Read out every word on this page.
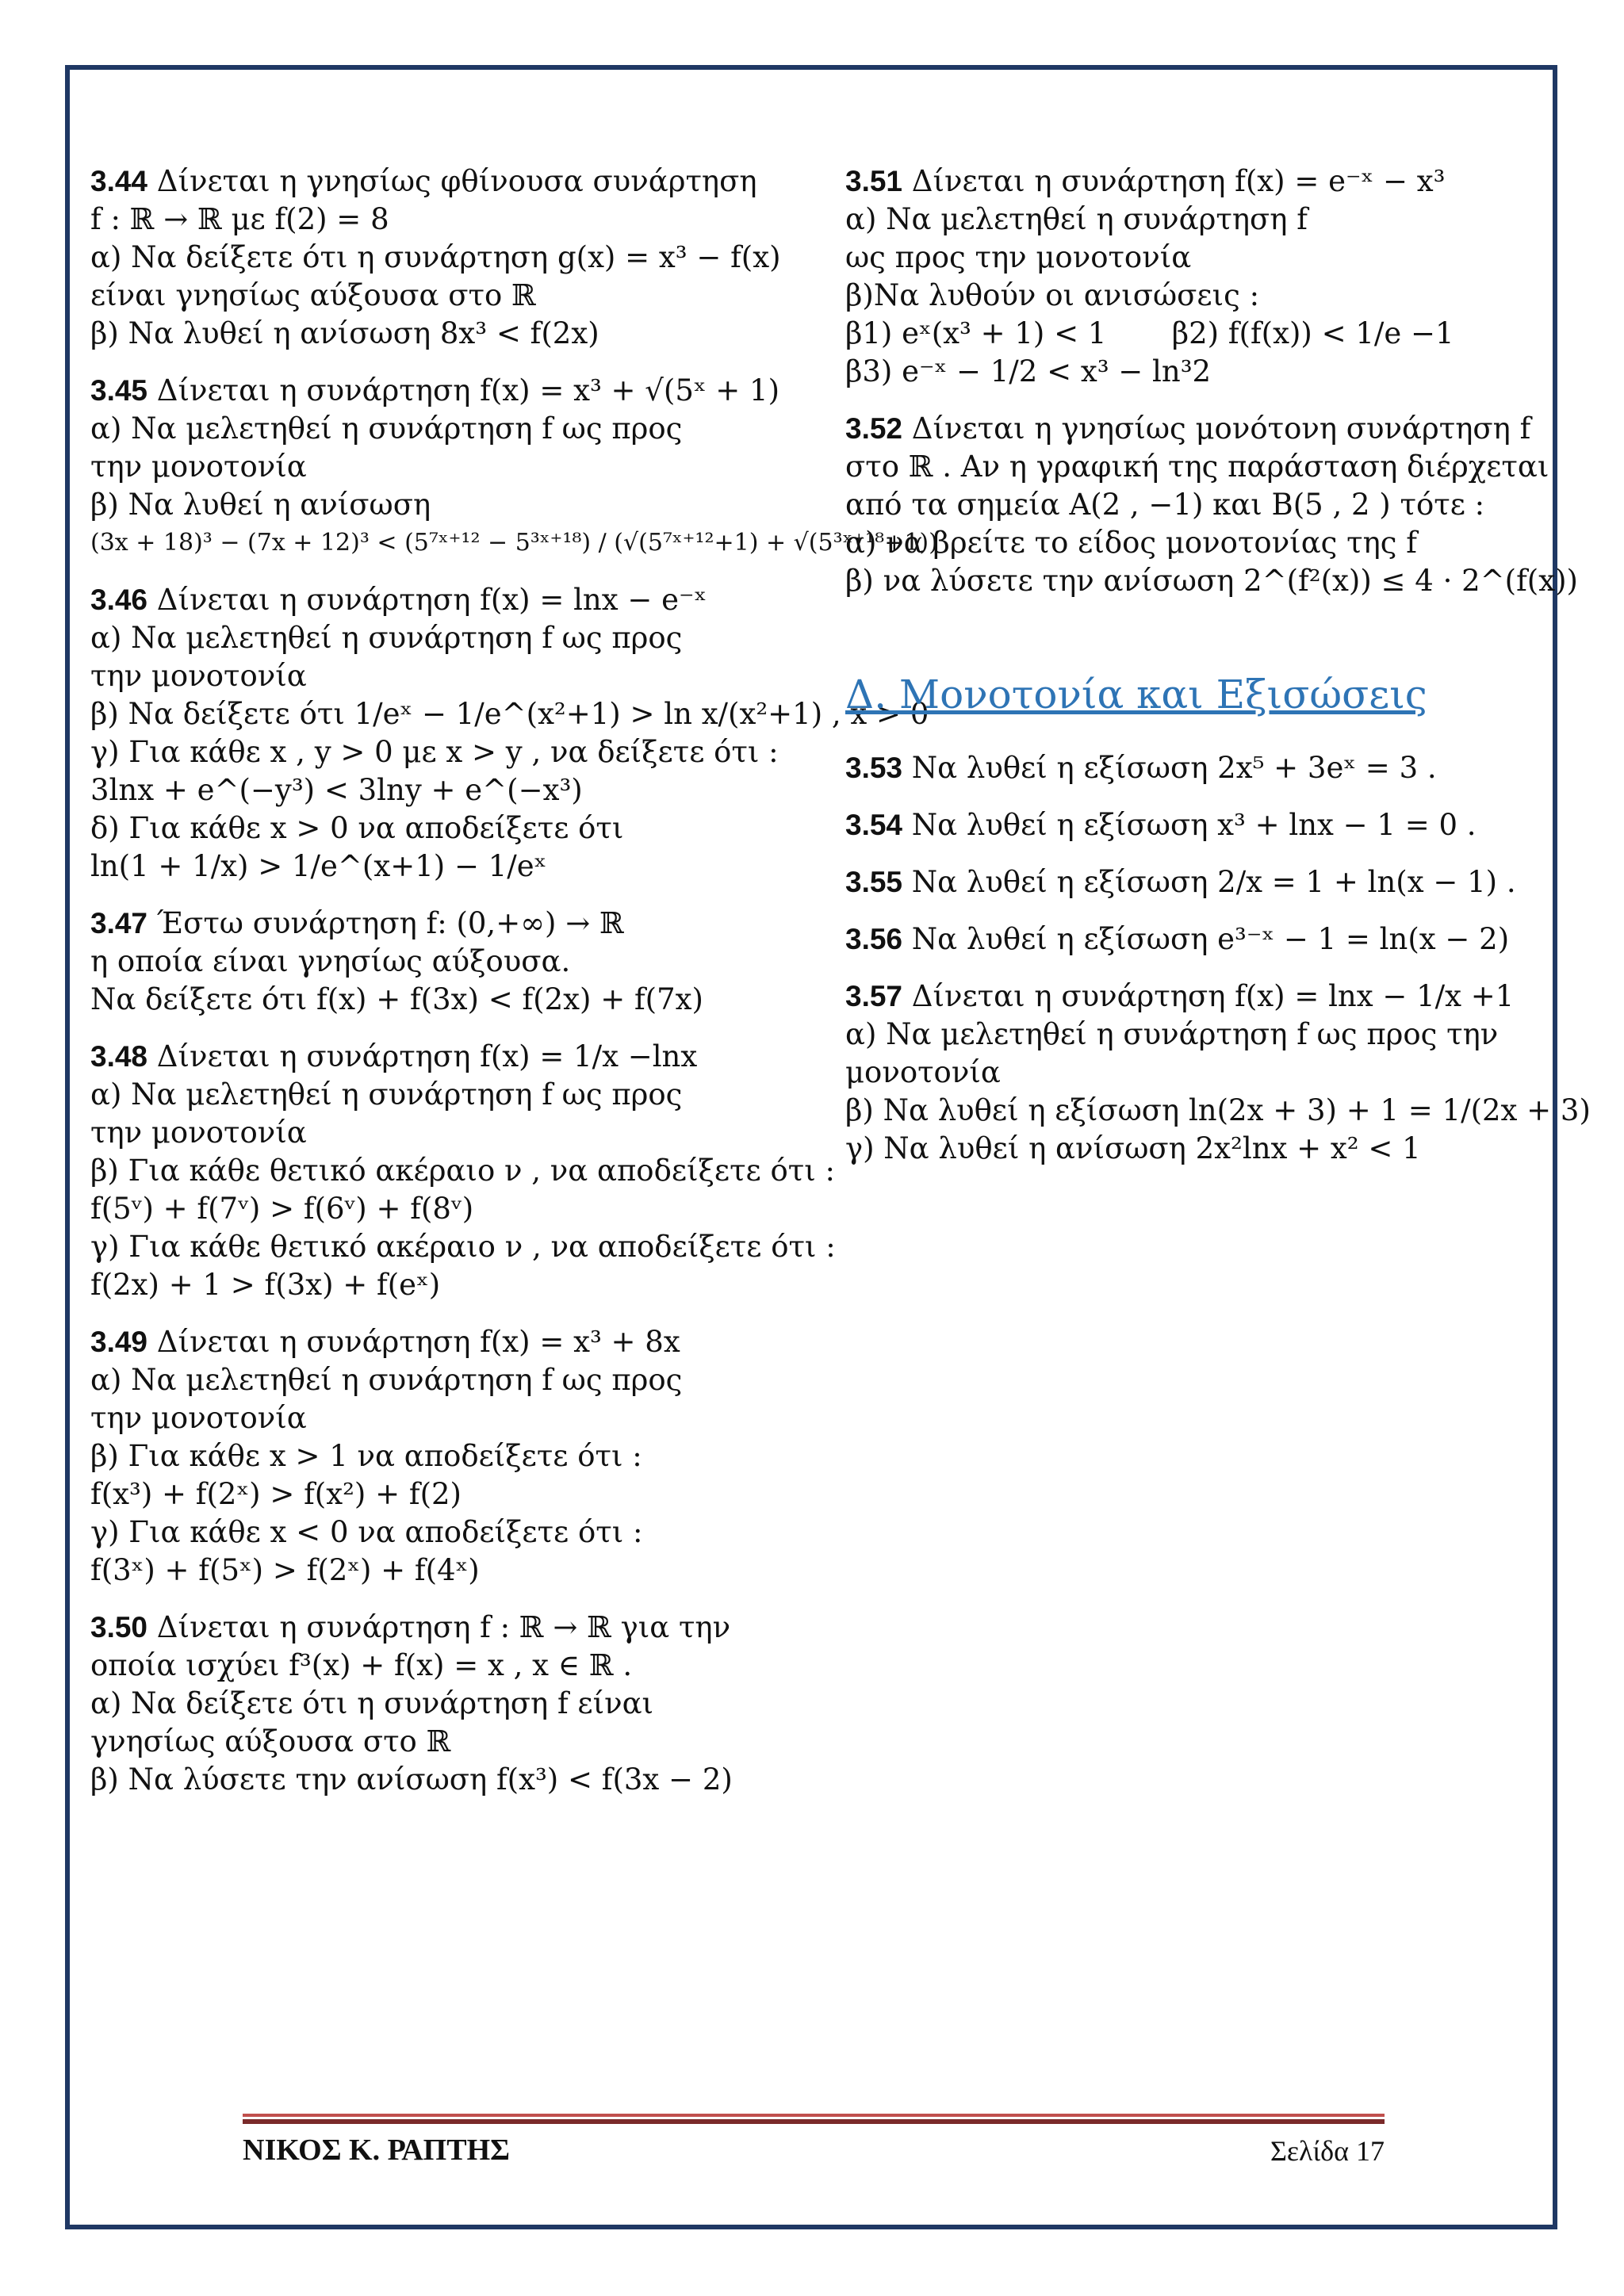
3.44 Δίνεται η γνησίως φθίνουσα συνάρτηση
f : ℝ → ℝ με f(2) = 8
α) Να δείξετε ότι η συνάρτηση g(x) = x³ − f(x)
είναι γνησίως αύξουσα στο ℝ
β) Να λυθεί η ανίσωση 8x³ < f(2x)
3.45 Δίνεται η συνάρτηση f(x) = x³ + √(5ˣ + 1)
α) Να μελετηθεί η συνάρτηση f ως προς
την μονοτονία
β) Να λυθεί η ανίσωση
(3x + 18)³ − (7x + 12)³ < (5⁷ˣ⁺¹² − 5³ˣ⁺¹⁸) / (√(5⁷ˣ⁺¹²+1) + √(5³ˣ⁺¹⁸+1))
3.46 Δίνεται η συνάρτηση f(x) = lnx − e⁻ˣ
α) Να μελετηθεί η συνάρτηση f ως προς
την μονοτονία
β) Να δείξετε ότι 1/eˣ − 1/e^(x²+1) > ln x/(x²+1) , x > 0
γ) Για κάθε x , y > 0 με x > y , να δείξετε ότι :
3lnx + e^(−y³) < 3lny + e^(−x³)
δ) Για κάθε x > 0 να αποδείξετε ότι
ln(1 + 1/x) > 1/e^(x+1) − 1/eˣ
3.47 Έστω συνάρτηση f: (0,+∞) → ℝ
η οποία είναι γνησίως αύξουσα.
Να δείξετε ότι f(x) + f(3x) < f(2x) + f(7x)
3.48 Δίνεται η συνάρτηση f(x) = 1/x −lnx
α) Να μελετηθεί η συνάρτηση f ως προς
την μονοτονία
β) Για κάθε θετικό ακέραιο ν , να αποδείξετε ότι :
f(5ᵛ) + f(7ᵛ) > f(6ᵛ) + f(8ᵛ)
γ) Για κάθε θετικό ακέραιο ν , να αποδείξετε ότι :
f(2x) + 1 > f(3x) + f(eˣ)
3.49 Δίνεται η συνάρτηση f(x) = x³ + 8x
α) Να μελετηθεί η συνάρτηση f ως προς
την μονοτονία
β) Για κάθε x > 1 να αποδείξετε ότι :
f(x³) + f(2ˣ) > f(x²) + f(2)
γ) Για κάθε x < 0 να αποδείξετε ότι :
f(3ˣ) + f(5ˣ) > f(2ˣ) + f(4ˣ)
3.50 Δίνεται η συνάρτηση f : ℝ → ℝ για την
οποία ισχύει f³(x) + f(x) = x , x ∈ ℝ .
α) Να δείξετε ότι η συνάρτηση f είναι
γνησίως αύξουσα στο ℝ
β) Να λύσετε την ανίσωση f(x³) < f(3x − 2)
3.51 Δίνεται η συνάρτηση f(x) = e⁻ˣ − x³
α) Να μελετηθεί η συνάρτηση f
ως προς την μονοτονία
β)Να λυθούν οι ανισώσεις :
β1) eˣ(x³ + 1) < 1       β2) f(f(x)) < 1/e −1
β3) e⁻ˣ − 1/2 < x³ − ln³2
3.52 Δίνεται η γνησίως μονότονη συνάρτηση f
στο ℝ . Αν η γραφική της παράσταση διέρχεται
από τα σημεία Α(2 , −1) και Β(5 , 2 ) τότε :
α) να βρείτε το είδος μονοτονίας της f
β) να λύσετε την ανίσωση 2^(f²(x)) ≤ 4 · 2^(f(x))
Δ. Μονοτονία και Εξισώσεις
3.53 Να λυθεί η εξίσωση 2x⁵ + 3eˣ = 3 .
3.54 Να λυθεί η εξίσωση x³ + lnx − 1 = 0 .
3.55 Να λυθεί η εξίσωση 2/x = 1 + ln(x − 1) .
3.56 Να λυθεί η εξίσωση e³⁻ˣ − 1 = ln(x − 2)
3.57 Δίνεται η συνάρτηση f(x) = lnx − 1/x +1
α) Να μελετηθεί η συνάρτηση f ως προς την
μονοτονία
β) Να λυθεί η εξίσωση ln(2x + 3) + 1 = 1/(2x + 3)
γ) Να λυθεί η ανίσωση 2x²lnx + x² < 1
ΝΙΚΟΣ Κ. ΡΑΠΤΗΣ	Σελίδα 17
